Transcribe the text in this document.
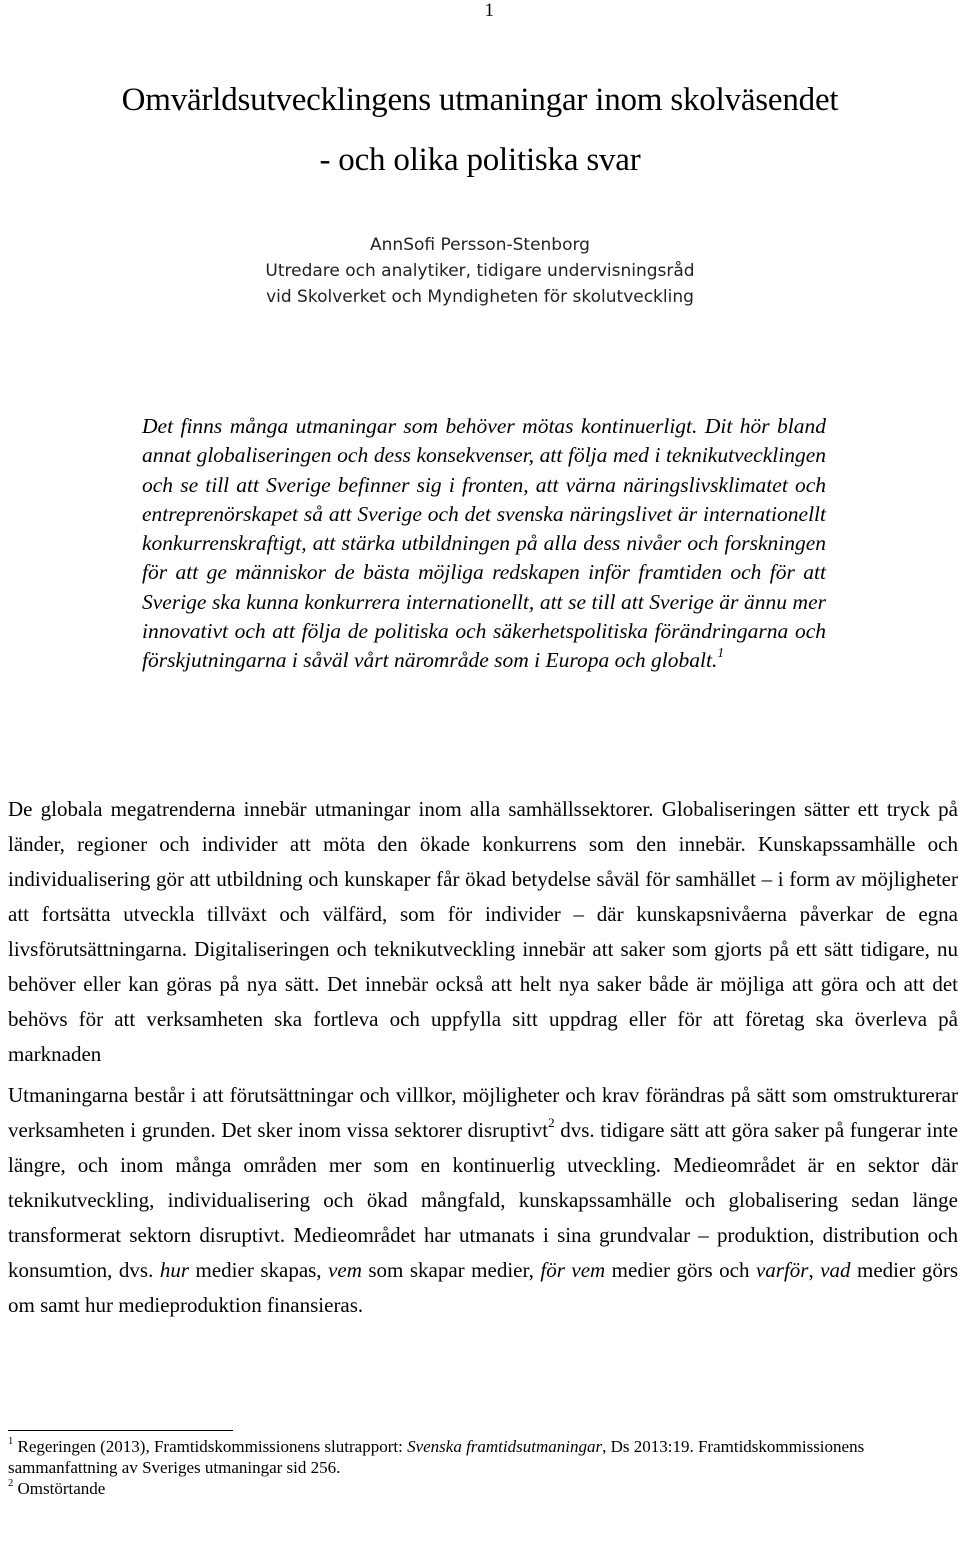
1
Omvärldsutvecklingens utmaningar inom skolväsendet
- och olika politiska svar
AnnSofi Persson-Stenborg
Utredare och analytiker, tidigare undervisningsråd
vid Skolverket och Myndigheten för skolutveckling
Det finns många utmaningar som behöver mötas kontinuerligt. Dit hör bland annat globaliseringen och dess konsekvenser, att följa med i teknikutvecklingen och se till att Sverige befinner sig i fronten, att värna näringslivsklimatet och entreprenörskapet så att Sverige och det svenska näringslivet är internationellt konkurrenskraftigt, att stärka utbildningen på alla dess nivåer och forskningen för att ge människor de bästa möjliga redskapen inför framtiden och för att Sverige ska kunna konkurrera internationellt, att se till att Sverige är ännu mer innovativt och att följa de politiska och säkerhetspolitiska förändringarna och förskjutningarna i såväl vårt närområde som i Europa och globalt.$^1$

De globala megatrenderna innebär utmaningar inom alla samhällssektorer. Globaliseringen sätter ett tryck på länder, regioner och individer att möta den ökade konkurrens som den innebär. Kunskapssamhälle och individualisering gör att utbildning och kunskaper får ökad betydelse såväl för samhället – i form av möjligheter att fortsätta utveckla tillväxt och välfärd, som för individer – där kunskapsnivåerna påverkar de egna livsförutsättningarna. Digitaliseringen och teknikutveckling innebär att saker som gjorts på ett sätt tidigare, nu behöver eller kan göras på nya sätt. Det innebär också att helt nya saker både är möjliga att göra och att det behövs för att verksamheten ska fortleva och uppfylla sitt uppdrag eller för att företag ska överleva på marknaden

Utmaningarna består i att förutsättningar och villkor, möjligheter och krav förändras på sätt som omstrukturerar verksamheten i grunden. Det sker inom vissa sektorer disruptivt$^2$ dvs. tidigare sätt att göra saker på fungerar inte längre, och inom många områden mer som en kontinuerlig utveckling. Medieområdet är en sektor där teknikutveckling, individualisering och ökad mångfald, kunskapssamhälle och globalisering sedan länge transformerat sektorn disruptivt. Medieområdet har utmanats i sina grundvalar – produktion, distribution och konsumtion, dvs. hur medier skapas, vem som skapar medier, för vem medier görs och varför, vad medier görs om samt hur medieproduktion finansieras.

$^1$ Regeringen (2013), Framtidskommissionens slutrapport: Svenska framtidsutmaningar, Ds 2013:19. Framtidskommissionens sammanfattning av Sveriges utmaningar sid 256.

$^2$ Omstörtande
